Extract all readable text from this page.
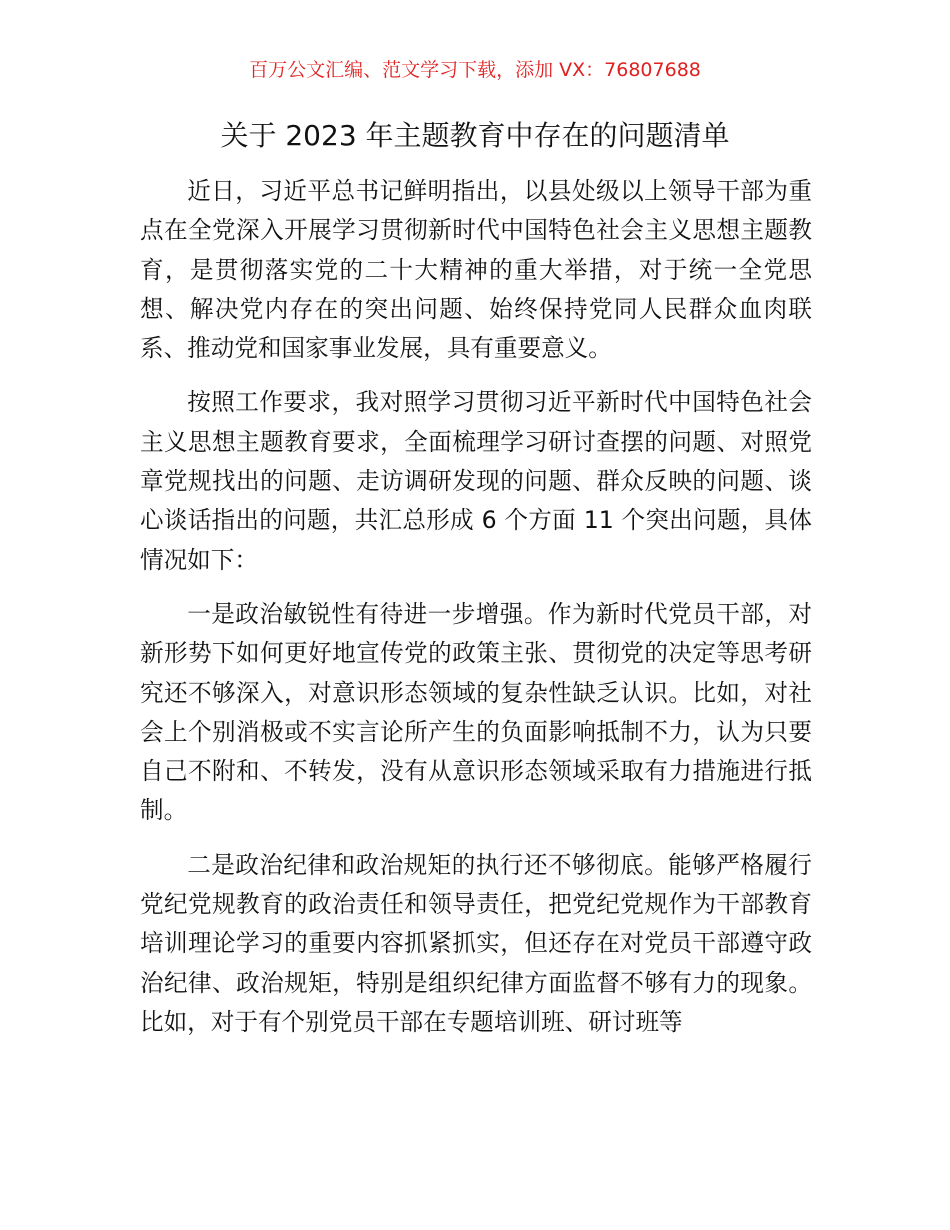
百万公文汇编、范文学习下载，添加 VX：76807688
关于 2023 年主题教育中存在的问题清单

近日，习近平总书记鲜明指出，以县处级以上领导干部为重点在全党深入开展学习贯彻新时代中国特色社会主义思想主题教育，是贯彻落实党的二十大精神的重大举措，对于统一全党思想、解决党内存在的突出问题、始终保持党同人民群众血肉联系、推动党和国家事业发展，具有重要意义。

按照工作要求，我对照学习贯彻习近平新时代中国特色社会主义思想主题教育要求，全面梳理学习研讨查摆的问题、对照党章党规找出的问题、走访调研发现的问题、群众反映的问题、谈心谈话指出的问题，共汇总形成 6 个方面 11 个突出问题，具体情况如下：

一是政治敏锐性有待进一步增强。作为新时代党员干部，对新形势下如何更好地宣传党的政策主张、贯彻党的决定等思考研究还不够深入，对意识形态领域的复杂性缺乏认识。比如，对社会上个别消极或不实言论所产生的负面影响抵制不力，认为只要自己不附和、不转发，没有从意识形态领域采取有力措施进行抵制。

二是政治纪律和政治规矩的执行还不够彻底。能够严格履行党纪党规教育的政治责任和领导责任，把党纪党规作为干部教育培训理论学习的重要内容抓紧抓实，但还存在对党员干部遵守政治纪律、政治规矩，特别是组织纪律方面监督不够有力的现象。比如，对于有个别党员干部在专题培训班、研讨班等
